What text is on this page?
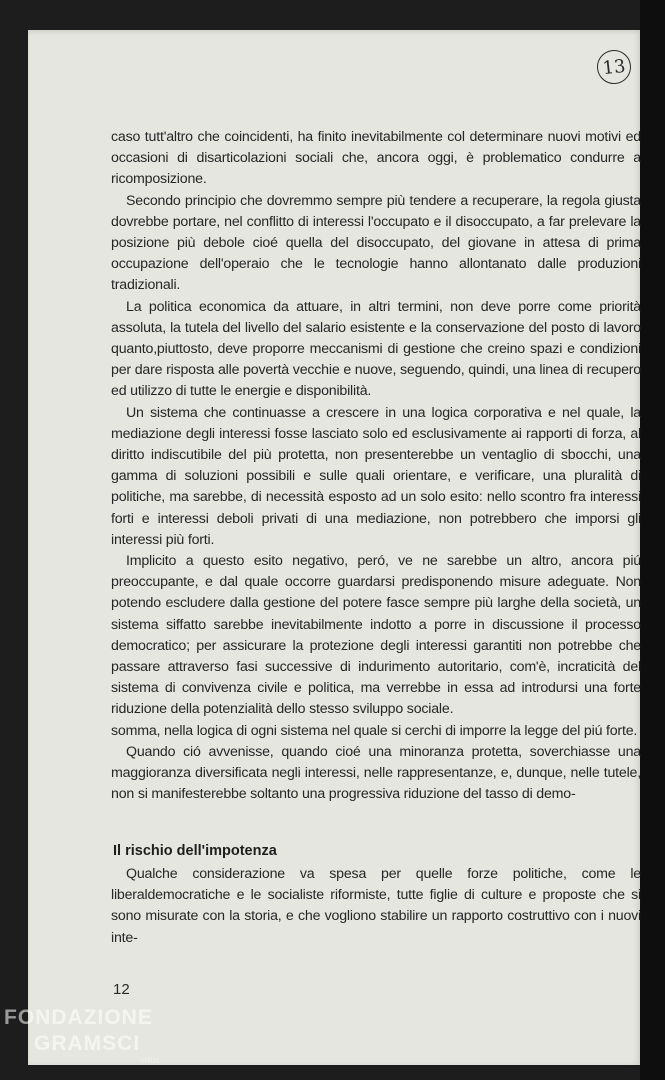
13

caso tutt'altro che coincidenti, ha finito inevitabilmente col determinare nuovi motivi ed occasioni di disarticolazioni sociali che, ancora oggi, è problematico condurre a ricomposizione.

Secondo principio che dovremmo sempre più tendere a recuperare, la regola giusta dovrebbe portare, nel conflitto di interessi l'occupato e il disoccupato, a far prelevare la posizione più debole cioé quella del disoccupato, del giovane in attesa di prima occupazione dell'operaio che le tecnologie hanno allontanato dalle produzioni tradizionali.

La politica economica da attuare, in altri termini, non deve porre come priorità assoluta, la tutela del livello del salario esistente e la conservazione del posto di lavoro quanto,piuttosto, deve proporre meccanismi di gestione che creino spazi e condizioni per dare risposta alle povertà vecchie e nuove, seguendo, quindi, una linea di recupero ed utilizzo di tutte le energie e disponibilità.

Un sistema che continuasse a crescere in una logica corporativa e nel quale, la mediazione degli interessi fosse lasciato solo ed esclusivamente ai rapporti di forza, al diritto indiscutibile del più protetta, non presenterebbe un ventaglio di sbocchi, una gamma di soluzioni possibili e sulle quali orientare, e verificare, una pluralità di politiche, ma sarebbe, di necessità esposto ad un solo esito: nello scontro fra interessi forti e interessi deboli privati di una mediazione, non potrebbero che imporsi gli interessi più forti.

Implicito a questo esito negativo, peró, ve ne sarebbe un altro, ancora piú preoccupante, e dal quale occorre guardarsi predisponendo misure adeguate. Non potendo escludere dalla gestione del potere fasce sempre più larghe della società, un sistema siffatto sarebbe inevitabilmente indotto a porre in discussione il processo democratico; per assicurare la protezione degli interessi garantiti non potrebbe che passare attraverso fasi successive di indurimento autoritario, com'è, incraticità del sistema di convivenza civile e politica, ma verrebbe in essa ad introdursi una forte riduzione della potenzialità dello stesso sviluppo sociale.

somma, nella logica di ogni sistema nel quale si cerchi di imporre la legge del piú forte.

Quando ció avvenisse, quando cioé una minoranza protetta, soverchiasse una maggioranza diversificata negli interessi, nelle rappresentanze, e, dunque, nelle tutele, non si manifesterebbe soltanto una progressiva riduzione del tasso di demo-

Il rischio dell'impotenza

Qualche considerazione va spesa per quelle forze politiche, come le liberaldemocratiche e le socialiste riformiste, tutte figlie di culture e proposte che si sono misurate con la storia, e che vogliono stabilire un rapporto costruttivo con i nuovi inte-

12
FONDAZIONE
GRAMSCI
onlus
